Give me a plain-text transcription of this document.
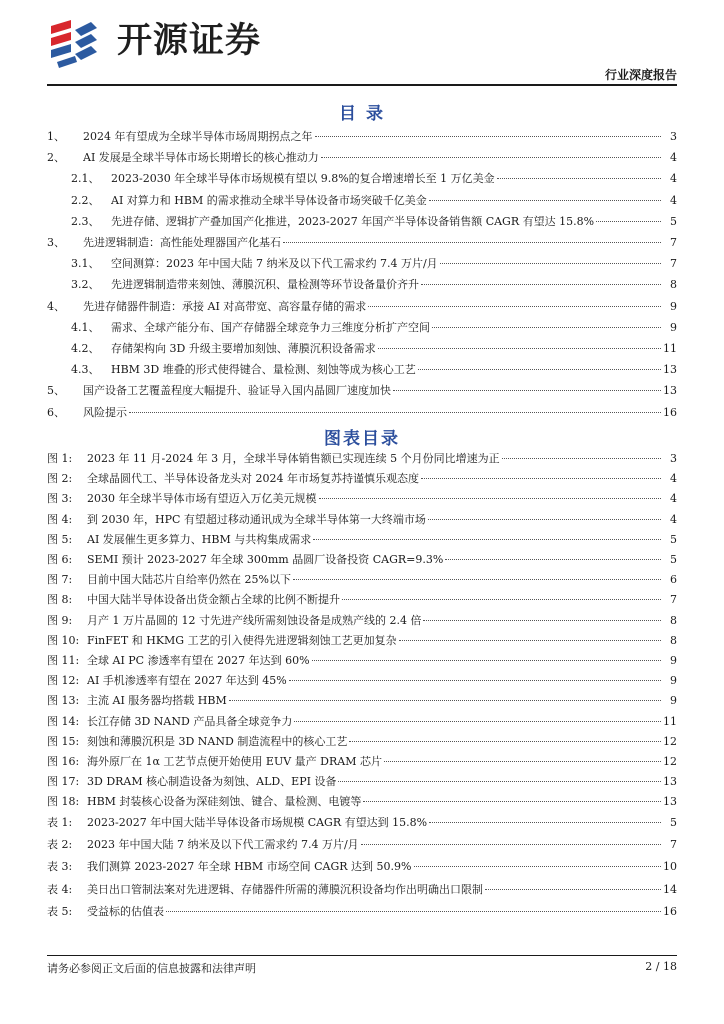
开源证券
行业深度报告
目 录
1、	2024 年有望成为全球半导体市场周期拐点之年	3
2、	AI 发展是全球半导体市场长期增长的核心推动力	4
2.1、	2023-2030 年全球半导体市场规模有望以 9.8%的复合增速增长至 1 万亿美金	4
2.2、	AI 对算力和 HBM 的需求推动全球半导体设备市场突破千亿美金	4
2.3、	先进存储、逻辑扩产叠加国产化推进，2023-2027 年国产半导体设备销售额 CAGR 有望达 15.8%	5
3、	先进逻辑制造：高性能处理器国产化基石	7
3.1、	空间测算：2023 年中国大陆 7 纳米及以下代工需求约 7.4 万片/月	7
3.2、	先进逻辑制造带来刻蚀、薄膜沉积、量检测等环节设备量价齐升	8
4、	先进存储器件制造：承接 AI 对高带宽、高容量存储的需求	9
4.1、	需求、全球产能分布、国产存储器全球竞争力三维度分析扩产空间	9
4.2、	存储架构向 3D 升级主要增加刻蚀、薄膜沉积设备需求	11
4.3、	HBM 3D 堆叠的形式使得键合、量检测、刻蚀等成为核心工艺	13
5、	国产设备工艺覆盖程度大幅提升、验证导入国内晶圆厂速度加快	13
6、	风险提示	16
图表目录
图 1:	2023 年 11 月-2024 年 3 月，全球半导体销售额已实现连续 5 个月份同比增速为正	3
图 2:	全球晶圆代工、半导体设备龙头对 2024 年市场复苏持谨慎乐观态度	4
图 3:	2030 年全球半导体市场有望迈入万亿美元规模	4
图 4:	到 2030 年，HPC 有望超过移动通讯成为全球半导体第一大终端市场	4
图 5:	AI 发展催生更多算力、HBM 与共构集成需求	5
图 6:	SEMI 预计 2023-2027 年全球 300mm 晶圆厂设备投资 CAGR=9.3%	5
图 7:	目前中国大陆芯片自给率仍然在 25%以下	6
图 8:	中国大陆半导体设备出货金额占全球的比例不断提升	7
图 9:	月产 1 万片晶圆的 12 寸先进产线所需刻蚀设备是成熟产线的 2.4 倍	8
图 10: FinFET 和 HKMG 工艺的引入使得先进逻辑刻蚀工艺更加复杂	8
图 11: 全球 AI PC 渗透率有望在 2027 年达到 60%	9
图 12: AI 手机渗透率有望在 2027 年达到 45%	9
图 13: 主流 AI 服务器均搭载 HBM	9
图 14: 长江存储 3D NAND 产品具备全球竞争力	11
图 15: 刻蚀和薄膜沉积是 3D NAND 制造流程中的核心工艺	12
图 16: 海外原厂在 1α 工艺节点便开始使用 EUV 量产 DRAM 芯片	12
图 17: 3D DRAM 核心制造设备为刻蚀、ALD、EPI 设备	13
图 18: HBM 封装核心设备为深硅刻蚀、键合、量检测、电镀等	13
表 1:	2023-2027 年中国大陆半导体设备市场规模 CAGR 有望达到 15.8%	5
表 2:	2023 年中国大陆 7 纳米及以下代工需求约 7.4 万片/月	7
表 3:	我们测算 2023-2027 年全球 HBM 市场空间 CAGR 达到 50.9%	10
表 4:	美日出口管制法案对先进逻辑、存储器件所需的薄膜沉积设备均作出明确出口限制	14
表 5:	受益标的估值表	16
请务必参阅正文后面的信息披露和法律声明	2 / 18
